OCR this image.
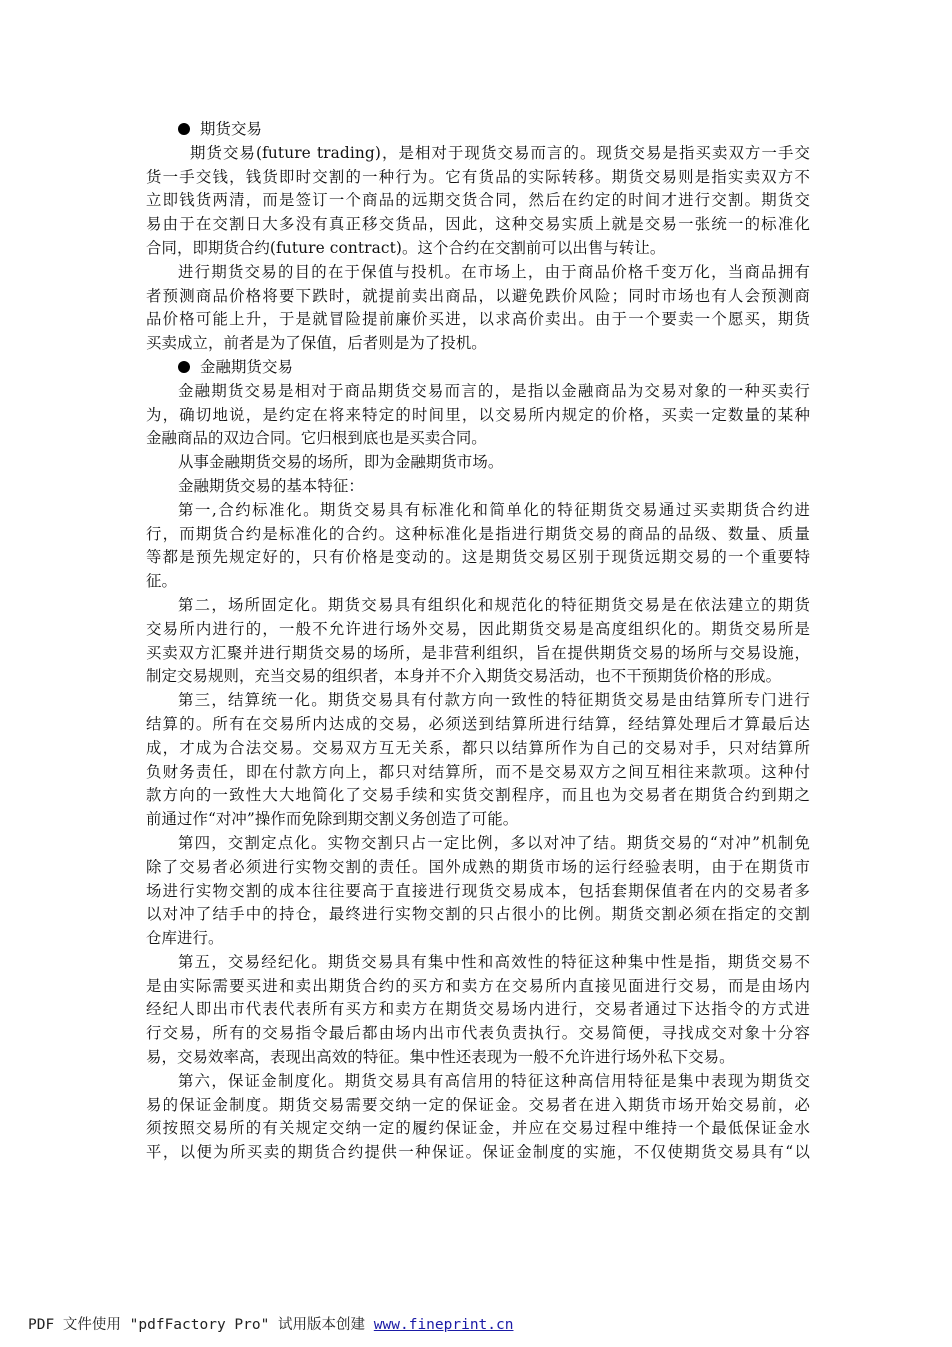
期货交易
期货交易(future trading)，是相对于现货交易而言的。现货交易是指买卖双方一手交
货一手交钱，钱货即时交割的一种行为。它有货品的实际转移。期货交易则是指实卖双方不
立即钱货两清，而是签订一个商品的远期交货合同，然后在约定的时间才进行交割。期货交
易由于在交割日大多没有真正移交货品，因此，这种交易实质上就是交易一张统一的标准化
合同，即期货合约(future contract)。这个合约在交割前可以出售与转让。
进行期货交易的目的在于保值与投机。在市场上，由于商品价格千变万化，当商品拥有
者预测商品价格将要下跌时，就提前卖出商品，以避免跌价风险；同时市场也有人会预测商
品价格可能上升，于是就冒险提前廉价买进，以求高价卖出。由于一个要卖一个愿买，期货
买卖成立，前者是为了保值，后者则是为了投机。
金融期货交易
金融期货交易是相对于商品期货交易而言的，是指以金融商品为交易对象的一种买卖行
为，确切地说，是约定在将来特定的时间里，以交易所内规定的价格，买卖一定数量的某种
金融商品的双边合同。它归根到底也是买卖合同。
从事金融期货交易的场所，即为金融期货市场。
金融期货交易的基本特征：
第一,合约标准化。期货交易具有标准化和简单化的特征期货交易通过买卖期货合约进
行，而期货合约是标准化的合约。这种标准化是指进行期货交易的商品的品级、数量、质量
等都是预先规定好的，只有价格是变动的。这是期货交易区别于现货远期交易的一个重要特
征。
第二，场所固定化。期货交易具有组织化和规范化的特征期货交易是在依法建立的期货
交易所内进行的，一般不允许进行场外交易，因此期货交易是高度组织化的。期货交易所是
买卖双方汇聚并进行期货交易的场所，是非营利组织，旨在提供期货交易的场所与交易设施，
制定交易规则，充当交易的组织者，本身并不介入期货交易活动，也不干预期货价格的形成。
第三，结算统一化。期货交易具有付款方向一致性的特征期货交易是由结算所专门进行
结算的。所有在交易所内达成的交易，必须送到结算所进行结算，经结算处理后才算最后达
成，才成为合法交易。交易双方互无关系，都只以结算所作为自己的交易对手，只对结算所
负财务责任，即在付款方向上，都只对结算所，而不是交易双方之间互相往来款项。这种付
款方向的一致性大大地简化了交易手续和实货交割程序，而且也为交易者在期货合约到期之
前通过作“对冲”操作而免除到期交割义务创造了可能。
第四，交割定点化。实物交割只占一定比例，多以对冲了结。期货交易的“对冲”机制免
除了交易者必须进行实物交割的责任。国外成熟的期货市场的运行经验表明，由于在期货市
场进行实物交割的成本往往要高于直接进行现货交易成本，包括套期保值者在内的交易者多
以对冲了结手中的持仓，最终进行实物交割的只占很小的比例。期货交割必须在指定的交割
仓库进行。
第五，交易经纪化。期货交易具有集中性和高效性的特征这种集中性是指，期货交易不
是由实际需要买进和卖出期货合约的买方和卖方在交易所内直接见面进行交易，而是由场内
经纪人即出市代表代表所有买方和卖方在期货交易场内进行，交易者通过下达指令的方式进
行交易，所有的交易指令最后都由场内出市代表负责执行。交易简便，寻找成交对象十分容
易，交易效率高，表现出高效的特征。集中性还表现为一般不允许进行场外私下交易。
第六，保证金制度化。期货交易具有高信用的特征这种高信用特征是集中表现为期货交
易的保证金制度。期货交易需要交纳一定的保证金。交易者在进入期货市场开始交易前，必
须按照交易所的有关规定交纳一定的履约保证金，并应在交易过程中维持一个最低保证金水
平，以便为所买卖的期货合约提供一种保证。保证金制度的实施，不仅使期货交易具有“以
PDF 文件使用 "pdfFactory Pro" 试用版本创建 www.fineprint.cn
